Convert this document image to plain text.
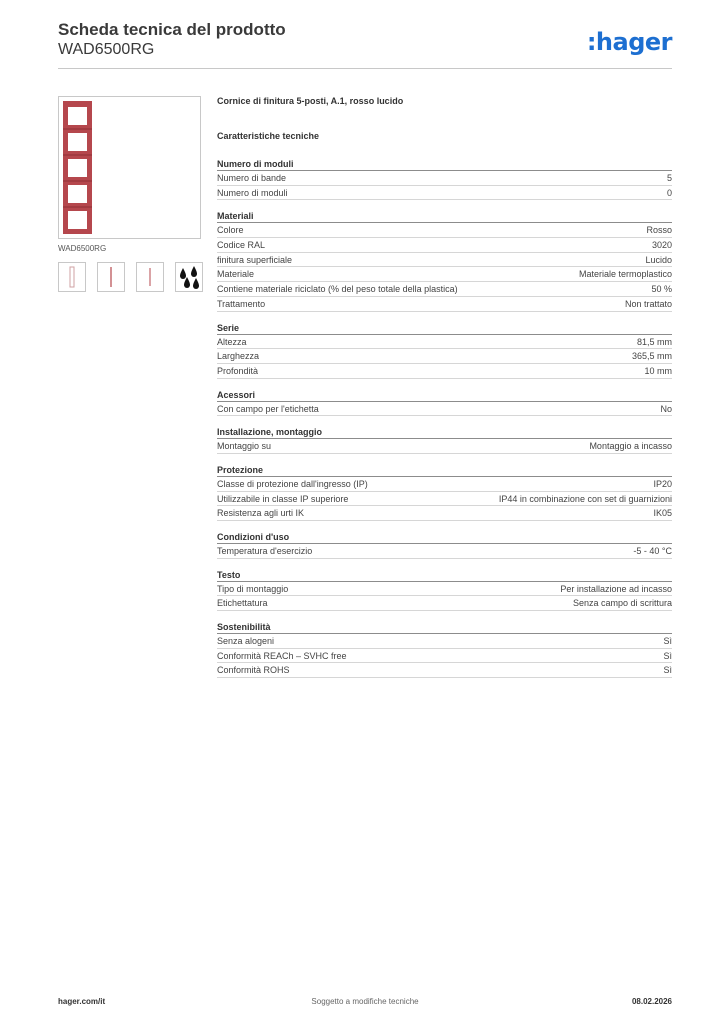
Scheda tecnica del prodotto
WAD6500RG	:hager
WAD6500RG
Cornice di finitura 5-posti, A.1, rosso lucido
Caratteristiche tecniche
Numero di moduli
Numero di bande	5
Numero di moduli	0
Materiali
Colore	Rosso
Codice RAL	3020
finitura superficiale	Lucido
Materiale	Materiale termoplastico
Contiene materiale riciclato (% del peso totale della plastica)	50 %
Trattamento	Non trattato
Serie
Altezza	81,5 mm
Larghezza	365,5 mm
Profondità	10 mm
Acessori
Con campo per l'etichetta	No
Installazione, montaggio
Montaggio su	Montaggio a incasso
Protezione
Classe di protezione dall'ingresso (IP)	IP20
Utilizzabile in classe IP superiore	IP44 in combinazione con set di guarnizioni
Resistenza agli urti IK	IK05
Condizioni d'uso
Temperatura d'esercizio	-5 - 40 °C
Testo
Tipo di montaggio	Per installazione ad incasso
Etichettatura	Senza campo di scrittura
Sostenibilità
Senza alogeni	Sì
Conformità REACh – SVHC free	Sì
Conformità ROHS	Sì
hager.com/it	Soggetto a modifiche tecniche	08.02.2026
